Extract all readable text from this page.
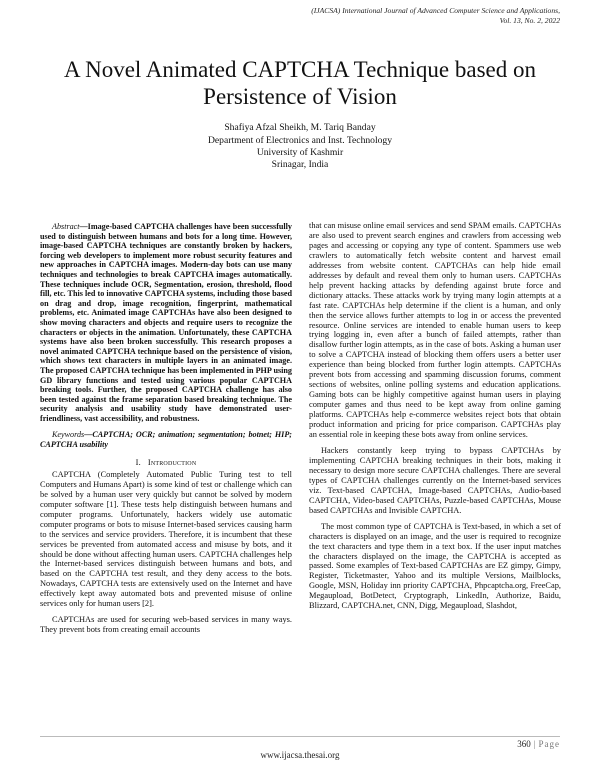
(IJACSA) International Journal of Advanced Computer Science and Applications,
Vol. 13, No. 2, 2022
A Novel Animated CAPTCHA Technique based on Persistence of Vision
Shafiya Afzal Sheikh, M. Tariq Banday
Department of Electronics and Inst. Technology
University of Kashmir
Srinagar, India

Abstract—Image-based CAPTCHA challenges have been successfully used to distinguish between humans and bots for a long time. However, image-based CAPTCHA techniques are constantly broken by hackers, forcing web developers to implement more robust security features and new approaches in CAPTCHA images. Modern-day bots can use many techniques and technologies to break CAPTCHA images automatically. These techniques include OCR, Segmentation, erosion, threshold, flood fill, etc. This led to innovative CAPTCHA systems, including those based on drag and drop, image recognition, fingerprint, mathematical problems, etc. Animated image CAPTCHAs have also been designed to show moving characters and objects and require users to recognize the characters or objects in the animation. Unfortunately, these CAPTCHA systems have also been broken successfully. This research proposes a novel animated CAPTCHA technique based on the persistence of vision, which shows text characters in multiple layers in an animated image. The proposed CAPTCHA technique has been implemented in PHP using GD library functions and tested using various popular CAPTCHA breaking tools. Further, the proposed CAPTCHA challenge has also been tested against the frame separation based breaking technique. The security analysis and usability study have demonstrated user-friendliness, vast accessibility, and robustness.

Keywords—CAPTCHA; OCR; animation; segmentation; botnet; HIP; CAPTCHA usability

I. Introduction

CAPTCHA (Completely Automated Public Turing test to tell Computers and Humans Apart) is some kind of test or challenge which can be solved by a human user very quickly but cannot be solved by modern computer software [1]. These tests help distinguish between humans and computer programs. Unfortunately, hackers widely use automatic computer programs or bots to misuse Internet-based services causing harm to the services and service providers. Therefore, it is incumbent that these services be prevented from automated access and misuse by bots, and it should be done without affecting human users. CAPTCHA challenges help the Internet-based services distinguish between humans and bots, and based on the CAPTCHA test result, and they deny access to the bots. Nowadays, CAPTCHA tests are extensively used on the Internet and have effectively kept away automated bots and prevented misuse of online services only for human users [2].

CAPTCHAs are used for securing web-based services in many ways. They prevent bots from creating email accounts

that can misuse online email services and send SPAM emails. CAPTCHAs are also used to prevent search engines and crawlers from accessing web pages and accessing or copying any type of content. Spammers use web crawlers to automatically fetch website content and harvest email addresses from website content. CAPTCHAs can help hide email addresses by default and reveal them only to human users. CAPTCHAs help prevent hacking attacks by defending against brute force and dictionary attacks. These attacks work by trying many login attempts at a fast rate. CAPTCHAs help determine if the client is a human, and only then the service allows further attempts to log in or access the prevented resource. Online services are intended to enable human users to keep trying logging in, even after a bunch of failed attempts, rather than disallow further login attempts, as in the case of bots. Asking a human user to solve a CAPTCHA instead of blocking them offers users a better user experience than being blocked from further login attempts. CAPTCHAs prevent bots from accessing and spamming discussion forums, comment sections of websites, online polling systems and education applications. Gaming bots can be highly competitive against human users in playing computer games and thus need to be kept away from online gaming platforms. CAPTCHAs help e-commerce websites reject bots that obtain product information and pricing for price comparison. CAPTCHAs play an essential role in keeping these bots away from online services.

Hackers constantly keep trying to bypass CAPTCHAs by implementing CAPTCHA breaking techniques in their bots, making it necessary to design more secure CAPTCHA challenges. There are several types of CAPTCHA challenges currently on the Internet-based services viz. Text-based CAPTCHA, Image-based CAPTCHAs, Audio-based CAPTCHA, Video-based CAPTCHAs, Puzzle-based CAPTCHAs, Mouse based CAPTCHAs and Invisible CAPTCHA.

The most common type of CAPTCHA is Text-based, in which a set of characters is displayed on an image, and the user is required to recognize the text characters and type them in a text box. If the user input matches the characters displayed on the image, the CAPTCHA is accepted as passed. Some examples of Text-based CAPTCHAs are EZ gimpy, Gimpy, Register, Ticketmaster, Yahoo and its multiple Versions, Mailblocks, Google, MSN, Holiday inn priority CAPTCHA, Phpcaptcha.org, FreeCap, Megaupload, BotDetect, Cryptograph, LinkedIn, Authorize, Baidu, Blizzard, CAPTCHA.net, CNN, Digg, Megaupload, Slashdot,

360 | Page
www.ijacsa.thesai.org
